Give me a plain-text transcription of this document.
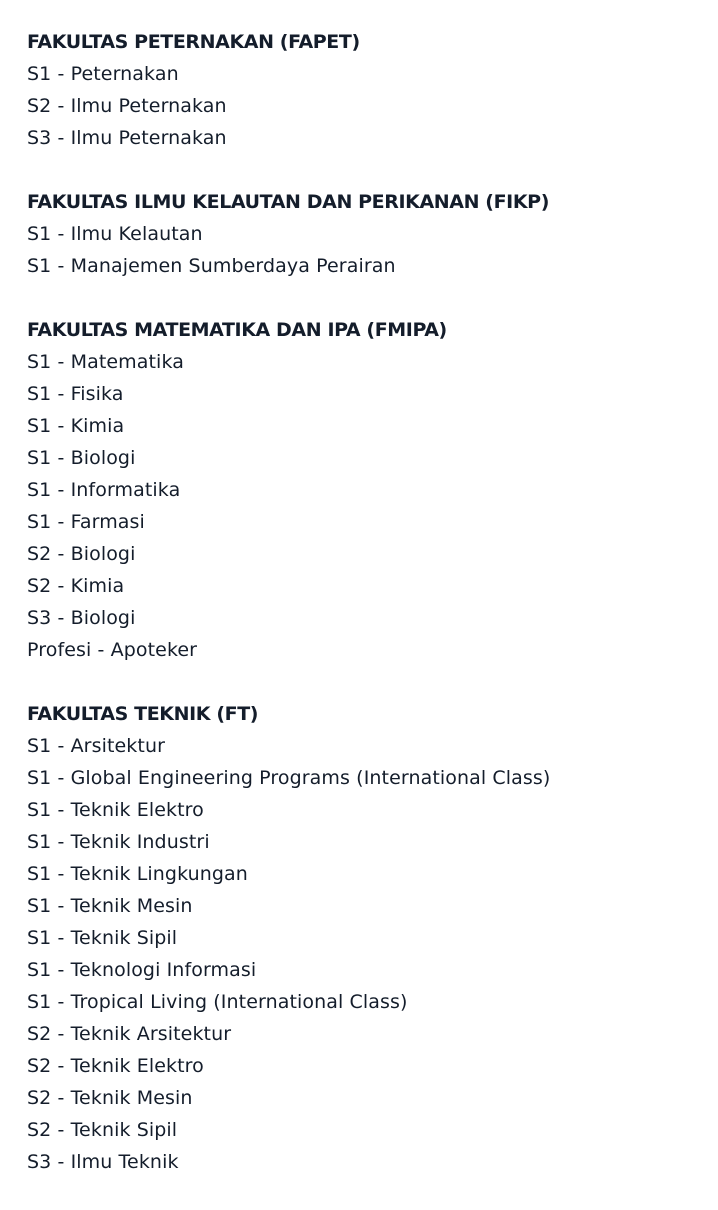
FAKULTAS PETERNAKAN (FAPET)
S1 - Peternakan
S2 - Ilmu Peternakan
S3 - Ilmu Peternakan
FAKULTAS ILMU KELAUTAN DAN PERIKANAN (FIKP)
S1 - Ilmu Kelautan
S1 - Manajemen Sumberdaya Perairan
FAKULTAS MATEMATIKA DAN IPA (FMIPA)
S1 - Matematika
S1 - Fisika
S1 - Kimia
S1 - Biologi
S1 - Informatika
S1 - Farmasi
S2 - Biologi
S2 - Kimia
S3 - Biologi
Profesi - Apoteker
FAKULTAS TEKNIK (FT)
S1 - Arsitektur
S1 - Global Engineering Programs (International Class)
S1 - Teknik Elektro
S1 - Teknik Industri
S1 - Teknik Lingkungan
S1 - Teknik Mesin
S1 - Teknik Sipil
S1 - Teknologi Informasi
S1 - Tropical Living (International Class)
S2 - Teknik Arsitektur
S2 - Teknik Elektro
S2 - Teknik Mesin
S2 - Teknik Sipil
S3 - Ilmu Teknik
